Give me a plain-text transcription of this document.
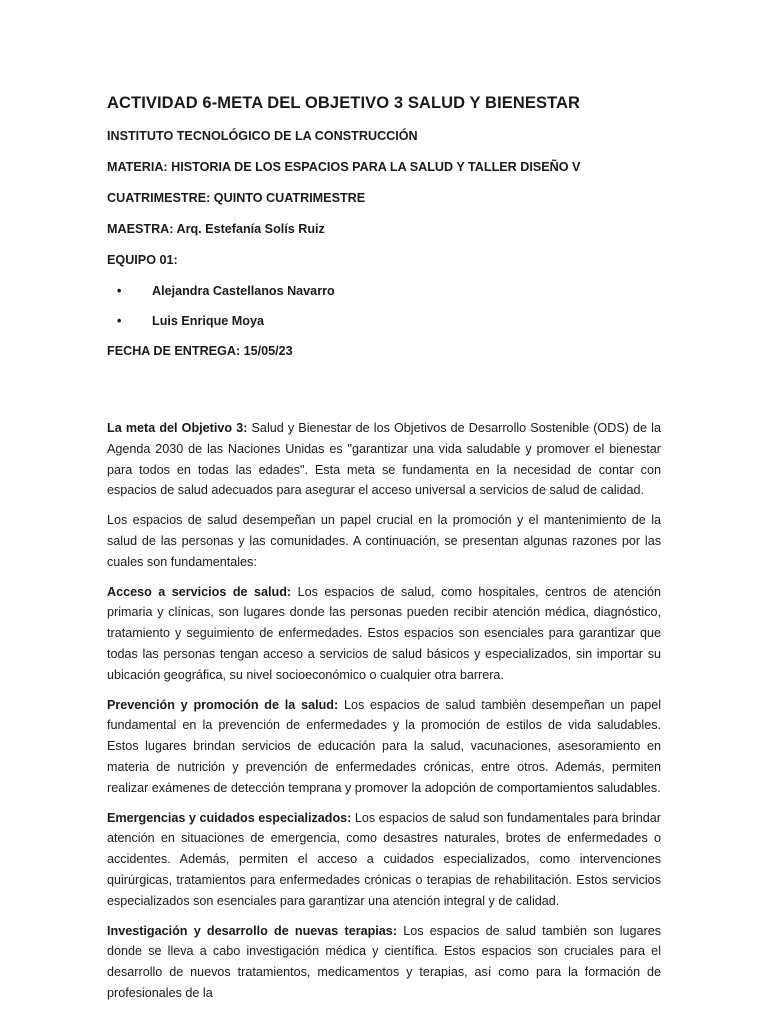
ACTIVIDAD 6-META DEL OBJETIVO 3 SALUD Y BIENESTAR
INSTITUTO TECNOLÓGICO DE LA CONSTRUCCIÓN
MATERIA: HISTORIA DE LOS ESPACIOS PARA LA SALUD Y TALLER DISEÑO V
CUATRIMESTRE: QUINTO CUATRIMESTRE
MAESTRA: Arq. Estefanía Solís Ruiz
EQUIPO 01:
• Alejandra Castellanos Navarro
• Luis Enrique Moya
FECHA DE ENTREGA: 15/05/23

La meta del Objetivo 3: Salud y Bienestar de los Objetivos de Desarrollo Sostenible (ODS) de la Agenda 2030 de las Naciones Unidas es "garantizar una vida saludable y promover el bienestar para todos en todas las edades". Esta meta se fundamenta en la necesidad de contar con espacios de salud adecuados para asegurar el acceso universal a servicios de salud de calidad.

Los espacios de salud desempeñan un papel crucial en la promoción y el mantenimiento de la salud de las personas y las comunidades. A continuación, se presentan algunas razones por las cuales son fundamentales:

Acceso a servicios de salud: Los espacios de salud, como hospitales, centros de atención primaria y clínicas, son lugares donde las personas pueden recibir atención médica, diagnóstico, tratamiento y seguimiento de enfermedades. Estos espacios son esenciales para garantizar que todas las personas tengan acceso a servicios de salud básicos y especializados, sin importar su ubicación geográfica, su nivel socioeconómico o cualquier otra barrera.

Prevención y promoción de la salud: Los espacios de salud también desempeñan un papel fundamental en la prevención de enfermedades y la promoción de estilos de vida saludables. Estos lugares brindan servicios de educación para la salud, vacunaciones, asesoramiento en materia de nutrición y prevención de enfermedades crónicas, entre otros. Además, permiten realizar exámenes de detección temprana y promover la adopción de comportamientos saludables.

Emergencias y cuidados especializados: Los espacios de salud son fundamentales para brindar atención en situaciones de emergencia, como desastres naturales, brotes de enfermedades o accidentes. Además, permiten el acceso a cuidados especializados, como intervenciones quirúrgicas, tratamientos para enfermedades crónicas o terapias de rehabilitación. Estos servicios especializados son esenciales para garantizar una atención integral y de calidad.

Investigación y desarrollo de nuevas terapias: Los espacios de salud también son lugares donde se lleva a cabo investigación médica y científica. Estos espacios son cruciales para el desarrollo de nuevos tratamientos, medicamentos y terapias, así como para la formación de profesionales de la
